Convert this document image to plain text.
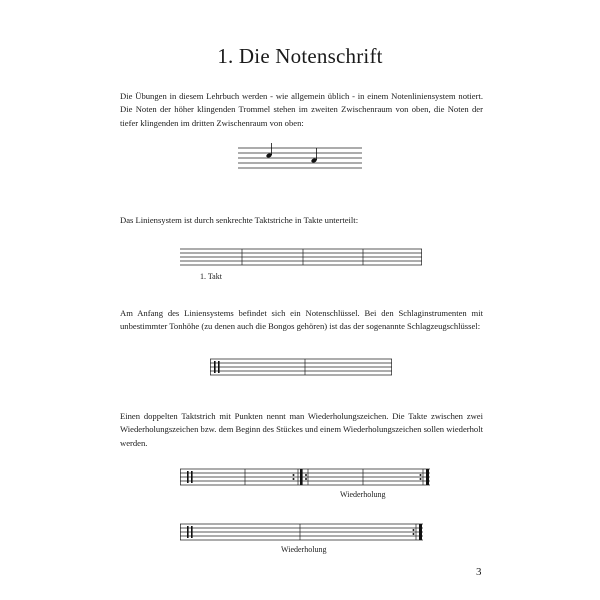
1. Die Notenschrift

Die Übungen in diesem Lehrbuch werden - wie allgemein üblich - in einem Notenliniensystem notiert. Die Noten der höher klingenden Trommel stehen im zweiten Zwischenraum von oben, die Noten der tiefer klingenden im dritten Zwischenraum von oben:

Das Liniensystem ist durch senkrechte Taktstriche in Takte unterteilt:

1. Takt

Am Anfang des Liniensystems befindet sich ein Notenschlüssel. Bei den Schlaginstrumenten mit unbestimmter Tonhöhe (zu denen auch die Bongos gehören) ist das der sogenannte Schlagzeugschlüssel:

Einen doppelten Taktstrich mit Punkten nennt man Wiederholungszeichen. Die Takte zwischen zwei Wiederholungszeichen bzw. dem Beginn des Stückes und einem Wiederholungszeichen sollen wiederholt werden.

Wiederholung

Wiederholung

3
